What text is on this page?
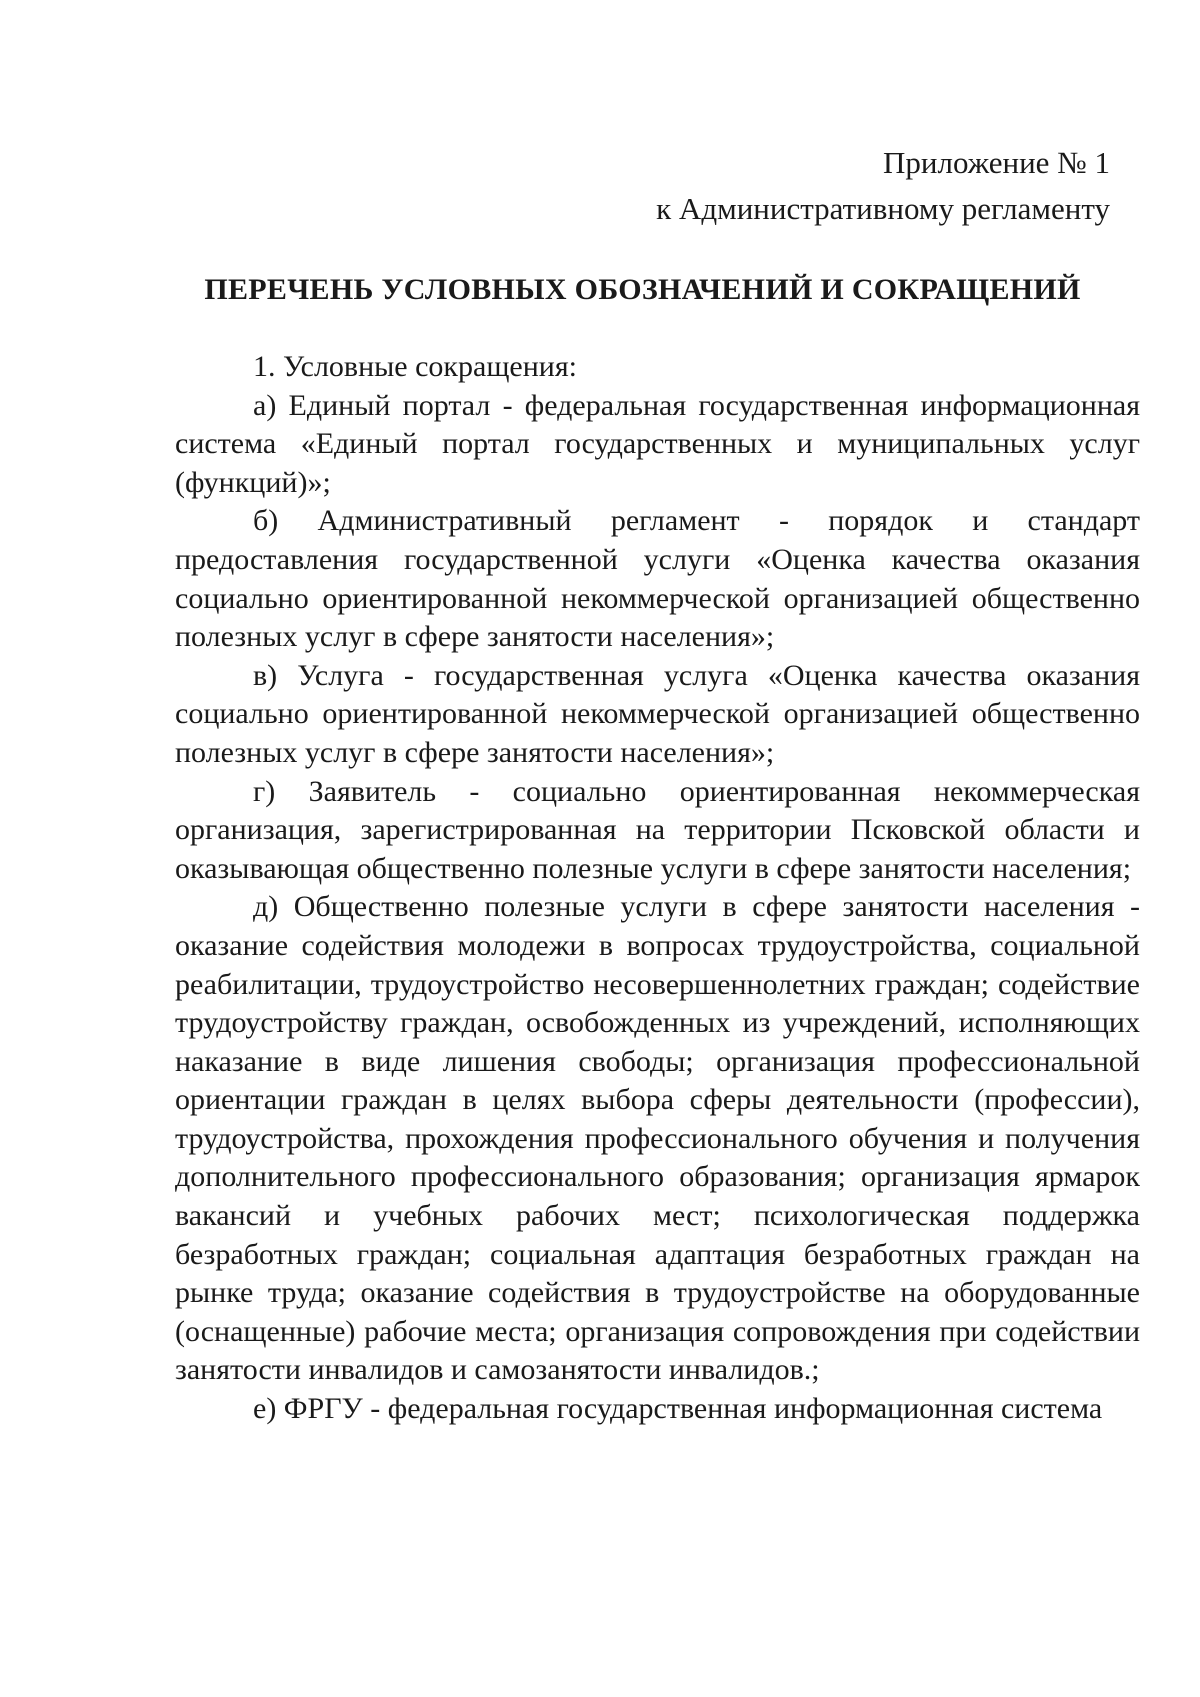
Приложение № 1
к Административному регламенту
ПЕРЕЧЕНЬ УСЛОВНЫХ ОБОЗНАЧЕНИЙ И СОКРАЩЕНИЙ

1. Условные сокращения:

а) Единый портал - федеральная государственная информационная система «Единый портал государственных и муниципальных услуг (функций)»;

б) Административный регламент - порядок и стандарт предоставления государственной услуги «Оценка качества оказания социально ориентированной некоммерческой организацией общественно полезных услуг в сфере занятости населения»;

в) Услуга - государственная услуга «Оценка качества оказания социально ориентированной некоммерческой организацией общественно полезных услуг в сфере занятости населения»;

г) Заявитель - социально ориентированная некоммерческая организация, зарегистрированная на территории Псковской области и оказывающая общественно полезные услуги в сфере занятости населения;

д) Общественно полезные услуги в сфере занятости населения - оказание содействия молодежи в вопросах трудоустройства, социальной реабилитации, трудоустройство несовершеннолетних граждан; содействие трудоустройству граждан, освобожденных из учреждений, исполняющих наказание в виде лишения свободы; организация профессиональной ориентации граждан в целях выбора сферы деятельности (профессии), трудоустройства, прохождения профессионального обучения и получения дополнительного профессионального образования; организация ярмарок вакансий и учебных рабочих мест; психологическая поддержка безработных граждан; социальная адаптация безработных граждан на рынке труда; оказание содействия в трудоустройстве на оборудованные (оснащенные) рабочие места; организация сопровождения при содействии занятости инвалидов и самозанятости инвалидов.;

е) ФРГУ - федеральная государственная информационная система
